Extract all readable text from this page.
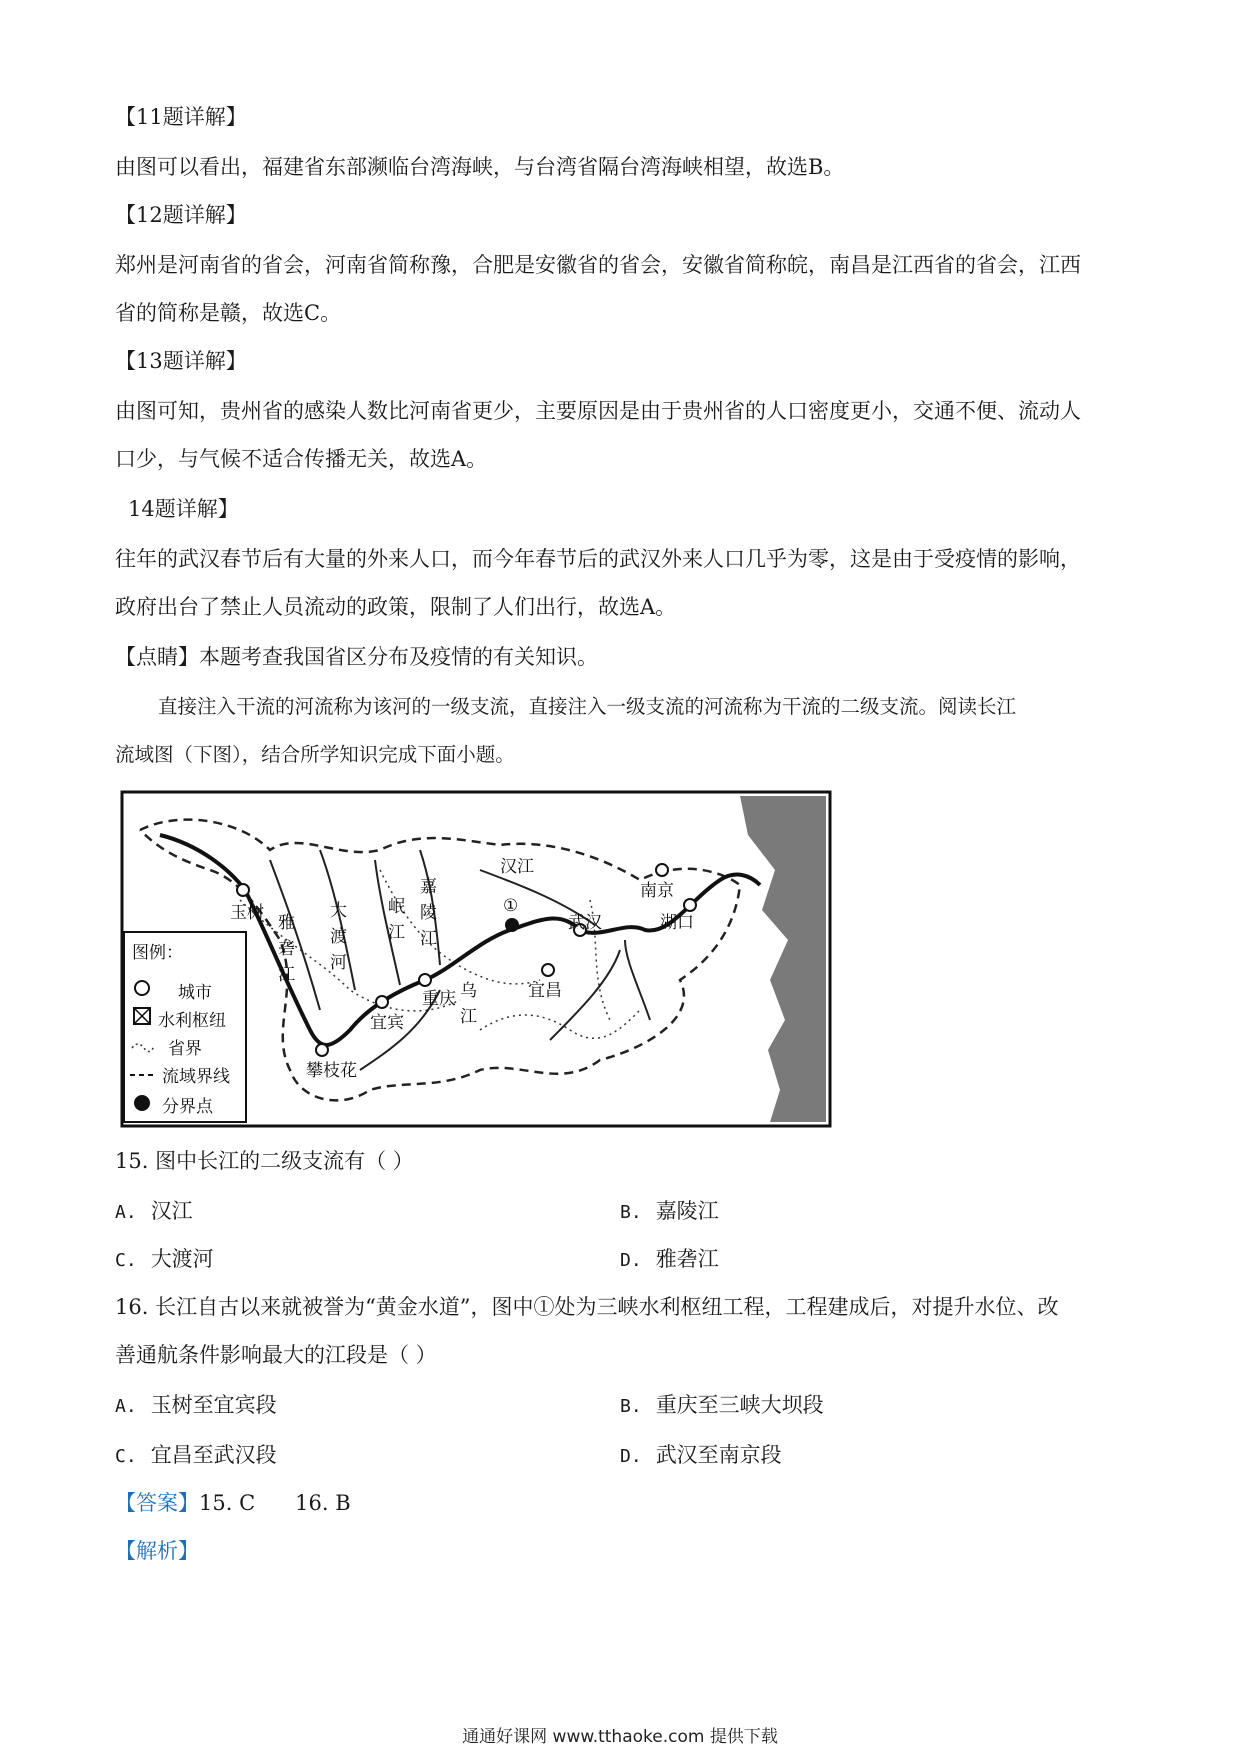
【11题详解】
由图可以看出，福建省东部濒临台湾海峡，与台湾省隔台湾海峡相望，故选B。
【12题详解】
郑州是河南省的省会，河南省简称豫，合肥是安徽省的省会，安徽省简称皖，南昌是江西省的省会，江西
省的简称是赣，故选C。
【13题详解】
由图可知，贵州省的感染人数比河南省更少，主要原因是由于贵州省的人口密度更小，交通不便、流动人
口少，与气候不适合传播无关，故选A。
14题详解】
往年的武汉春节后有大量的外来人口，而今年春节后的武汉外来人口几乎为零，这是由于受疫情的影响，
政府出台了禁止人员流动的政策，限制了人们出行，故选A。
【点睛】本题考查我国省区分布及疫情的有关知识。
直接注入干流的河流称为该河的一级支流，直接注入一级支流的河流称为干流的二级支流。阅读长江
流域图（下图），结合所学知识完成下面小题。
图例：
城市
水利枢纽
省界
流域界线
分界点
玉树
宜宾
重庆	宜昌
武汉
南京
攀枝花
雅砻江
大渡河
岷江
嘉陵江
乌江
湖口
汉江
①
15. 图中长江的二级支流有（ ）
A. 汉江	B. 嘉陵江
C. 大渡河	D. 雅砻江
16. 长江自古以来就被誉为“黄金水道”，图中①处为三峡水利枢纽工程，工程建成后，对提升水位、改
善通航条件影响最大的江段是（ ）
A. 玉树至宜宾段	B. 重庆至三峡大坝段
C. 宜昌至武汉段	D. 武汉至南京段
【答案】15. C 16. B
【解析】
通通好课网 www.tthaoke.com 提供下载
